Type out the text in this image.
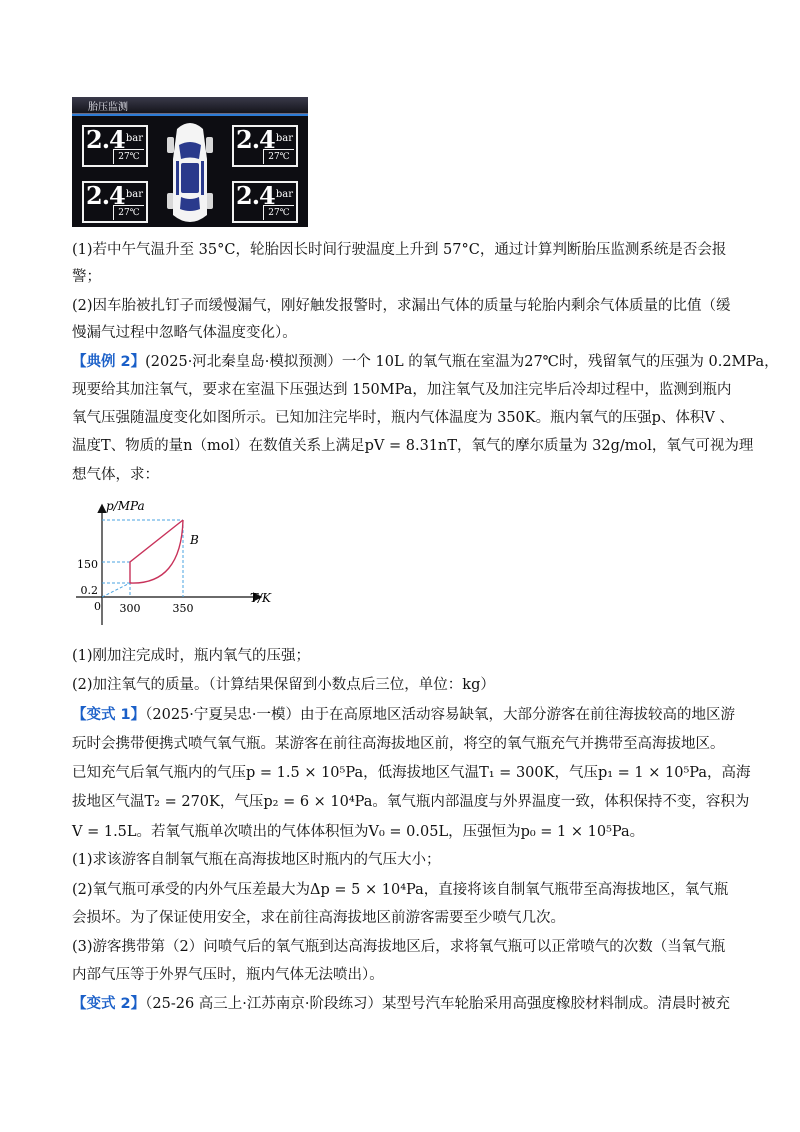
胎压监测
2.4 bar
27℃
2.4 bar
27℃
2.4 bar
27℃
2.4 bar
27℃
(1)若中午气温升至 35°C，轮胎因长时间行驶温度上升到 57°C，通过计算判断胎压监测系统是否会报
警；
(2)因车胎被扎钉子而缓慢漏气，刚好触发报警时，求漏出气体的质量与轮胎内剩余气体质量的比值（缓
慢漏气过程中忽略气体温度变化）。
【典例 2】(2025·河北秦皇岛·模拟预测）一个 10L 的氧气瓶在室温为27℃时，残留氧气的压强为 0.2MPa，
现要给其加注氧气，要求在室温下压强达到 150MPa，加注氧气及加注完毕后冷却过程中，监测到瓶内
氧气压强随温度变化如图所示。已知加注完毕时，瓶内气体温度为 350K。瓶内氧气的压强p、体积V 、
温度T、物质的量n（mol）在数值关系上满足pV = 8.31nT，氧气的摩尔质量为 32g/mol，氧气可视为理
想气体，求：
p/MPa
T/K
0 300	350
0.2
150
B
(1)刚加注完成时，瓶内氧气的压强；
(2)加注氧气的质量。（计算结果保留到小数点后三位，单位：kg）
【变式 1】（2025·宁夏吴忠·一模）由于在高原地区活动容易缺氧，大部分游客在前往海拔较高的地区游
玩时会携带便携式喷气氧气瓶。某游客在前往高海拔地区前，将空的氧气瓶充气并携带至高海拔地区。
已知充气后氧气瓶内的气压p = 1.5 × 10⁵Pa，低海拔地区气温T₁ = 300K，气压p₁ = 1 × 10⁵Pa，高海
拔地区气温T₂ = 270K，气压p₂ = 6 × 10⁴Pa。氧气瓶内部温度与外界温度一致，体积保持不变，容积为
V = 1.5L。若氧气瓶单次喷出的气体体积恒为V₀ = 0.05L，压强恒为p₀ = 1 × 10⁵Pa。
(1)求该游客自制氧气瓶在高海拔地区时瓶内的气压大小；
(2)氧气瓶可承受的内外气压差最大为Δp = 5 × 10⁴Pa，直接将该自制氧气瓶带至高海拔地区，氧气瓶
会损坏。为了保证使用安全，求在前往高海拔地区前游客需要至少喷气几次。
(3)游客携带第（2）问喷气后的氧气瓶到达高海拔地区后，求将氧气瓶可以正常喷气的次数（当氧气瓶
内部气压等于外界气压时，瓶内气体无法喷出）。
【变式 2】（25-26 高三上·江苏南京·阶段练习）某型号汽车轮胎采用高强度橡胶材料制成。清晨时被充
